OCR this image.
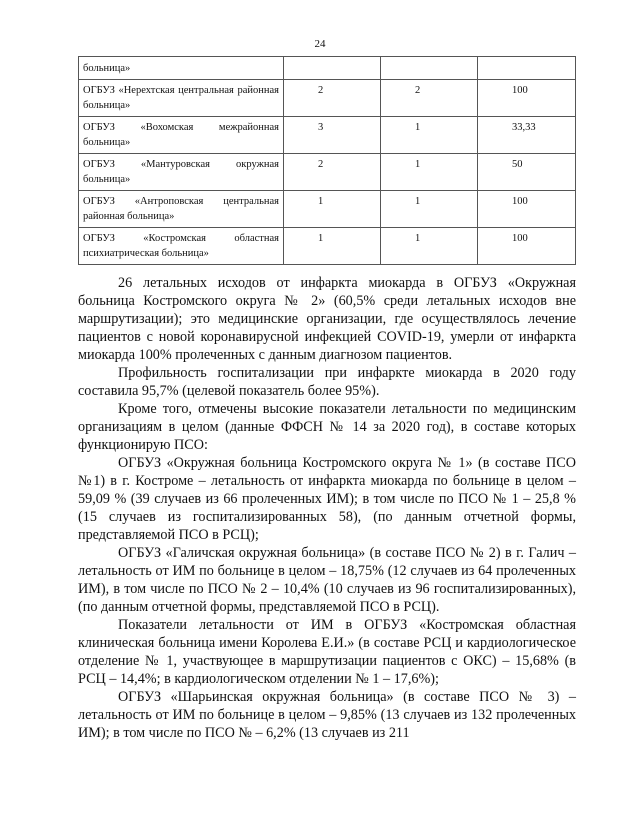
24
больница»			
ОГБУЗ «Нерехтская центральная районная больница»	2	2	100
ОГБУЗ «Вохомская межрайонная больница»	3	1	33,33
ОГБУЗ «Мантуровская окружная больница»	2	1	50
ОГБУЗ «Антроповская центральная районная больница»	1	1	100
ОГБУЗ «Костромская областная психиатрическая больница»	1	1	100

26 летальных исходов от инфаркта миокарда в ОГБУЗ «Окружная больница Костромского округа № 2» (60,5% среди летальных исходов вне маршрутизации); это медицинские организации, где осуществлялось лечение пациентов с новой коронавирусной инфекцией COVID-19, умерли от инфаркта миокарда 100% пролеченных с данным диагнозом пациентов.

Профильность госпитализации при инфаркте миокарда в 2020 году составила 95,7% (целевой показатель более 95%).

Кроме того, отмечены высокие показатели летальности по медицинским организациям в целом (данные ФФСН № 14 за 2020 год), в составе которых функционирую ПСО:

ОГБУЗ «Окружная больница Костромского округа № 1» (в составе ПСО №1) в г. Костроме – летальность от инфаркта миокарда по больнице в целом – 59,09 % (39 случаев из 66 пролеченных ИМ); в том числе по ПСО № 1 – 25,8 % (15 случаев из госпитализированных 58), (по данным отчетной формы, представляемой ПСО в РСЦ);

ОГБУЗ «Галичская окружная больница» (в составе ПСО № 2) в г. Галич – летальность от ИМ по больнице в целом – 18,75% (12 случаев из 64 пролеченных ИМ), в том числе по ПСО № 2 – 10,4% (10 случаев из 96 госпитализированных), (по данным отчетной формы, представляемой ПСО в РСЦ).

Показатели летальности от ИМ в ОГБУЗ «Костромская областная клиническая больница имени Королева Е.И.» (в составе РСЦ и кардиологическое отделение № 1, участвующее в маршрутизации пациентов с ОКС) – 15,68% (в РСЦ – 14,4%; в кардиологическом отделении № 1 – 17,6%);

ОГБУЗ «Шарьинская окружная больница» (в составе ПСО № 3) – летальность от ИМ по больнице в целом – 9,85% (13 случаев из 132 пролеченных ИМ); в том числе по ПСО № – 6,2% (13 случаев из 211
